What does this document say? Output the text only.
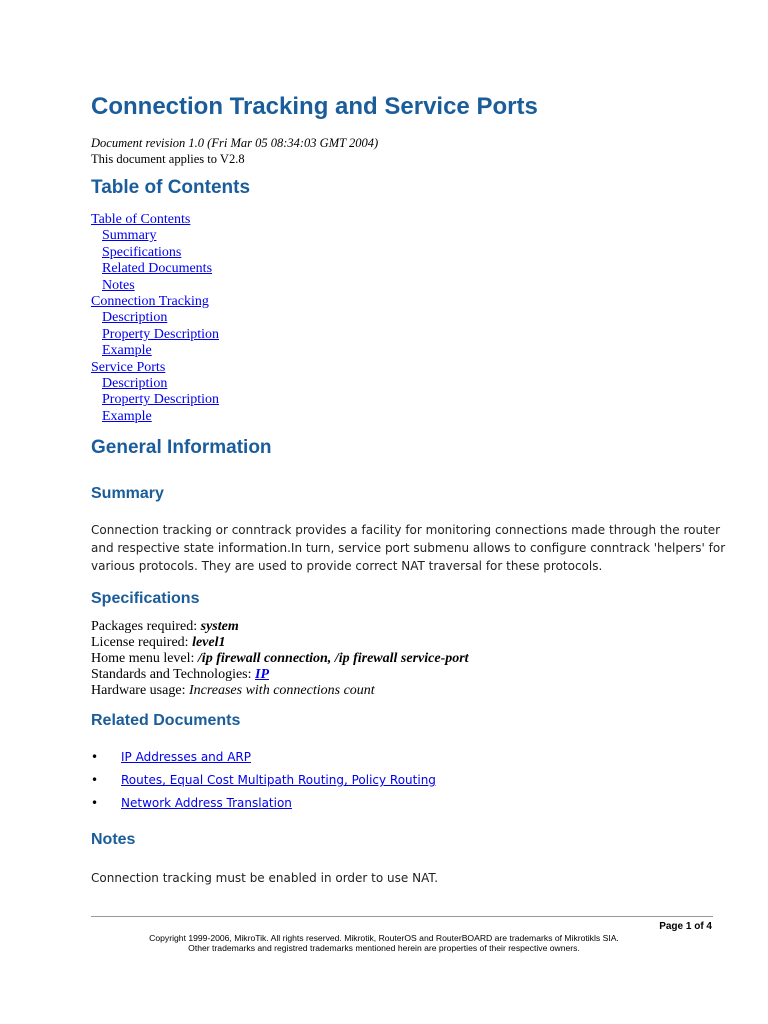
Connection Tracking and Service Ports
Document revision 1.0 (Fri Mar 05 08:34:03 GMT 2004)
This document applies to V2.8
Table of Contents
Table of Contents
Summary
Specifications
Related Documents
Notes
Connection Tracking
Description
Property Description
Example
Service Ports
Description
Property Description
Example
General Information
Summary
Connection tracking or conntrack provides a facility for monitoring connections made through the router and respective state information.In turn, service port submenu allows to configure conntrack 'helpers' for various protocols. They are used to provide correct NAT traversal for these protocols.
Specifications
Packages required: system
License required: level1
Home menu level: /ip firewall connection, /ip firewall service-port
Standards and Technologies: IP
Hardware usage: Increases with connections count
Related Documents
• IP Addresses and ARP
• Routes, Equal Cost Multipath Routing, Policy Routing
• Network Address Translation
Notes
Connection tracking must be enabled in order to use NAT.
Page 1 of 4
Copyright 1999-2006, MikroTik. All rights reserved. Mikrotik, RouterOS and RouterBOARD are trademarks of Mikrotikls SIA.
Other trademarks and registred trademarks mentioned herein are properties of their respective owners.
